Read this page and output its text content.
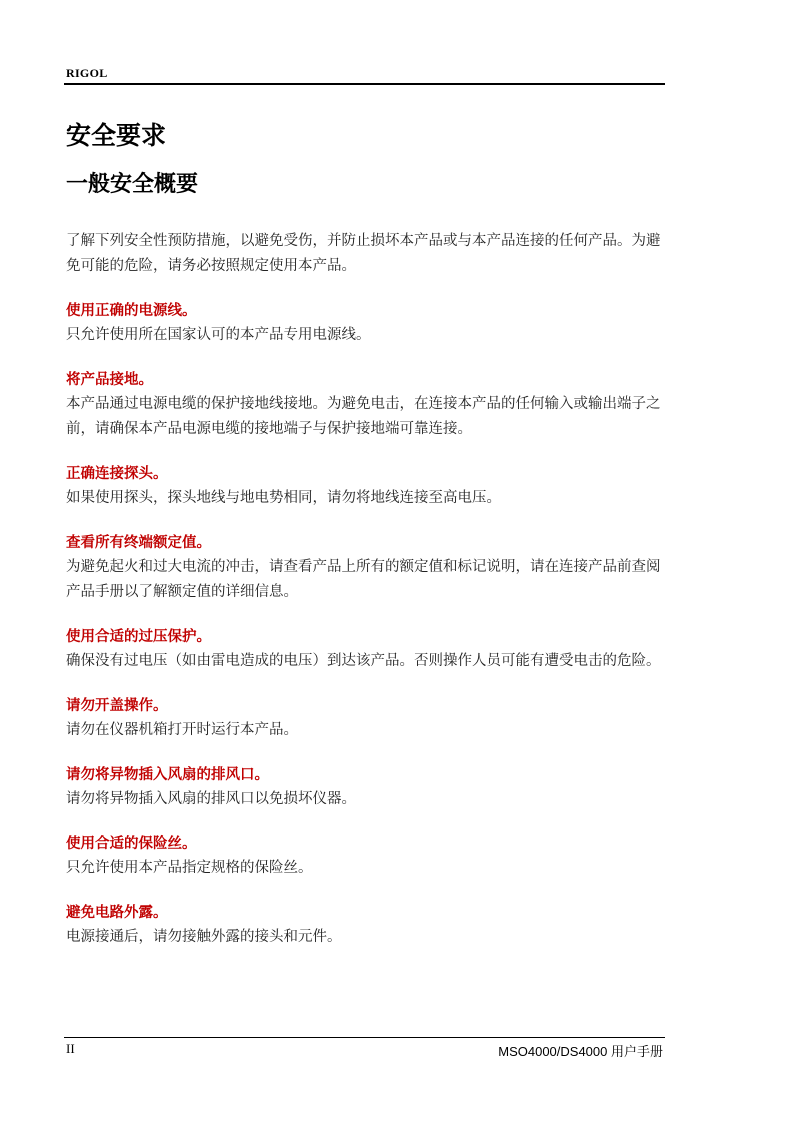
RIGOL
安全要求
一般安全概要

了解下列安全性预防措施，以避免受伤，并防止损坏本产品或与本产品连接的任何产品。为避免可能的危险，请务必按照规定使用本产品。

使用正确的电源线。

只允许使用所在国家认可的本产品专用电源线。

将产品接地。

本产品通过电源电缆的保护接地线接地。为避免电击，在连接本产品的任何输入或输出端子之前，请确保本产品电源电缆的接地端子与保护接地端可靠连接。

正确连接探头。

如果使用探头，探头地线与地电势相同，请勿将地线连接至高电压。

查看所有终端额定值。

为避免起火和过大电流的冲击，请查看产品上所有的额定值和标记说明，请在连接产品前查阅产品手册以了解额定值的详细信息。

使用合适的过压保护。

确保没有过电压（如由雷电造成的电压）到达该产品。否则操作人员可能有遭受电击的危险。

请勿开盖操作。

请勿在仪器机箱打开时运行本产品。

请勿将异物插入风扇的排风口。

请勿将异物插入风扇的排风口以免损坏仪器。

使用合适的保险丝。

只允许使用本产品指定规格的保险丝。

避免电路外露。

电源接通后，请勿接触外露的接头和元件。

II	MSO4000/DS4000 用户手册
